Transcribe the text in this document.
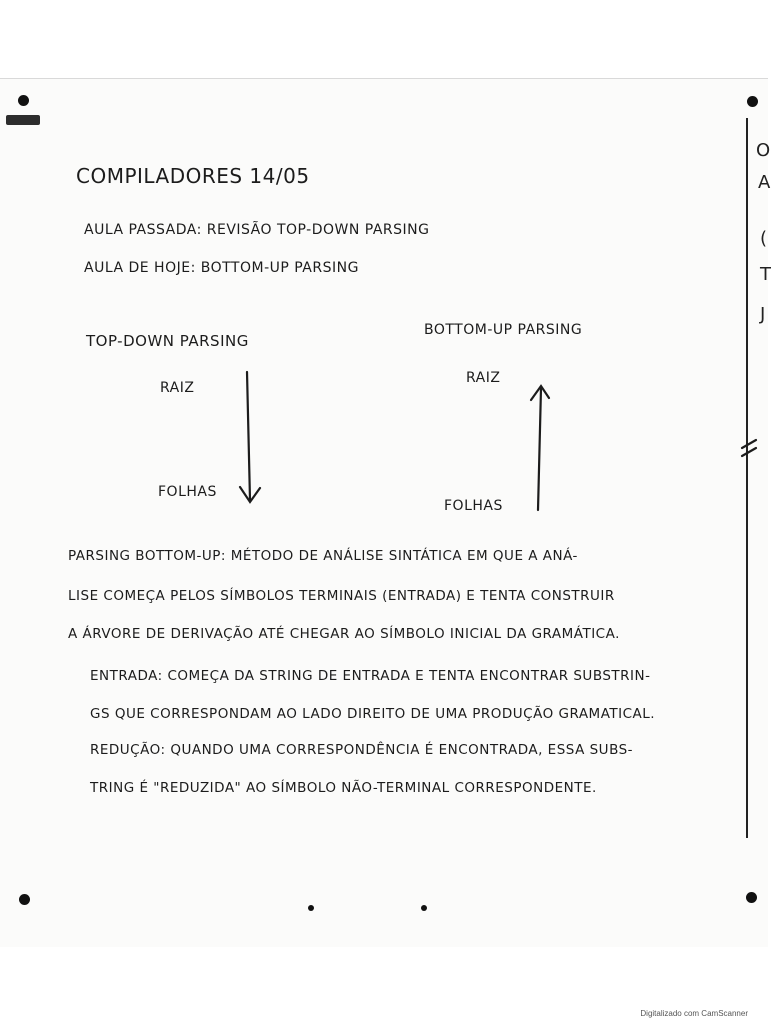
O
A
(
T
J
COMPILADORES 14/05
AULA PASSADA: REVISÃO TOP-DOWN PARSING
AULA DE HOJE: BOTTOM-UP PARSING
TOP-DOWN PARSING
RAIZ
FOLHAS
BOTTOM-UP PARSING
RAIZ
FOLHAS
PARSING BOTTOM-UP: MÉTODO DE ANÁLISE SINTÁTICA EM QUE A ANÁ-
LISE COMEÇA PELOS SÍMBOLOS TERMINAIS (ENTRADA) E TENTA CONSTRUIR
A ÁRVORE DE DERIVAÇÃO ATÉ CHEGAR AO SÍMBOLO INICIAL DA GRAMÁTICA.
ENTRADA: COMEÇA DA STRING DE ENTRADA E TENTA ENCONTRAR SUBSTRIN-
GS QUE CORRESPONDAM AO LADO DIREITO DE UMA PRODUÇÃO GRAMATICAL.
REDUÇÃO: QUANDO UMA CORRESPONDÊNCIA É ENCONTRADA, ESSA SUBS-
TRING É "REDUZIDA" AO SÍMBOLO NÃO-TERMINAL CORRESPONDENTE.
Digitalizado com CamScanner
